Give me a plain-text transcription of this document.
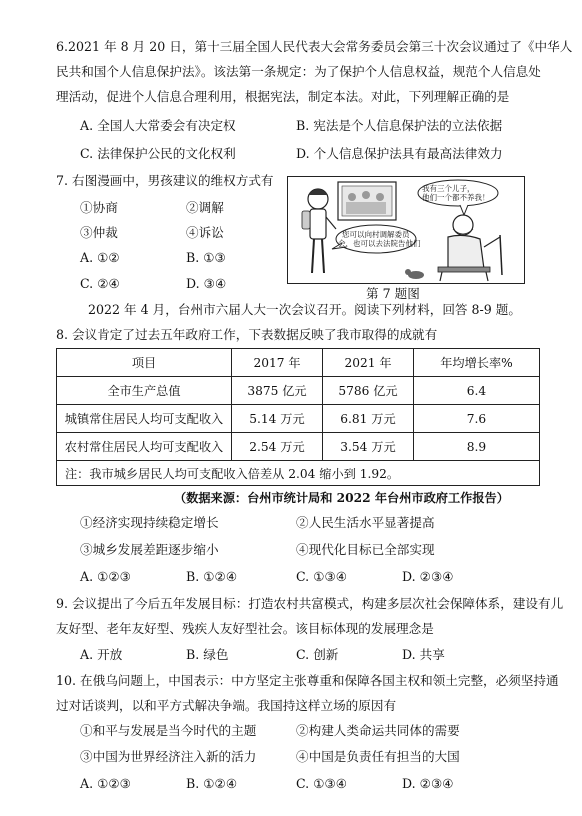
6.2021 年 8 月 20 日，第十三届全国人民代表大会常务委员会第三十次会议通过了《中华人
民共和国个人信息保护法》。该法第一条规定：为了保护个人信息权益，规范个人信息处
理活动，促进个人信息合理利用，根据宪法，制定本法。对此，下列理解正确的是
A. 全国人大常委会有决定权	B. 宪法是个人信息保护法的立法依据
C. 法律保护公民的文化权利	D. 个人信息保护法具有最高法律效力
7. 右图漫画中，男孩建议的维权方式有
①协商	②调解
③仲裁	④诉讼
A. ①②	B. ①③
C. ②④	D. ③④
我有三个儿子，
他们一个都不养我！
您可以向村调解委员
会，也可以去法院告他们
第 7 题图
2022 年 4 月，台州市六届人大一次会议召开。阅读下列材料，回答 8-9 题。
8. 会议肯定了过去五年政府工作，下表数据反映了我市取得的成就有
项目	2017 年	2021 年	年均增长率%
全市生产总值	3875 亿元	5786 亿元	6.4
城镇常住居民人均可支配收入	5.14 万元	6.81 万元	7.6
农村常住居民人均可支配收入	2.54 万元	3.54 万元	8.9
注：我市城乡居民人均可支配收入倍差从 2.04 缩小到 1.92。			
（数据来源：台州市统计局和 2022 年台州市政府工作报告）
①经济实现持续稳定增长	②人民生活水平显著提高
③城乡发展差距逐步缩小	④现代化目标已全部实现
A. ①②③	B. ①②④	C. ①③④	D. ②③④
9. 会议提出了今后五年发展目标：打造农村共富模式，构建多层次社会保障体系，建设有儿
友好型、老年友好型、残疾人友好型社会。该目标体现的发展理念是
A. 开放	B. 绿色	C. 创新	D. 共享
10. 在俄乌问题上，中国表示：中方坚定主张尊重和保障各国主权和领土完整，必须坚持通
过对话谈判，以和平方式解决争端。我国持这样立场的原因有
①和平与发展是当今时代的主题	②构建人类命运共同体的需要
③中国为世界经济注入新的活力	④中国是负责任有担当的大国
A. ①②③	B. ①②④	C. ①③④	D. ②③④
